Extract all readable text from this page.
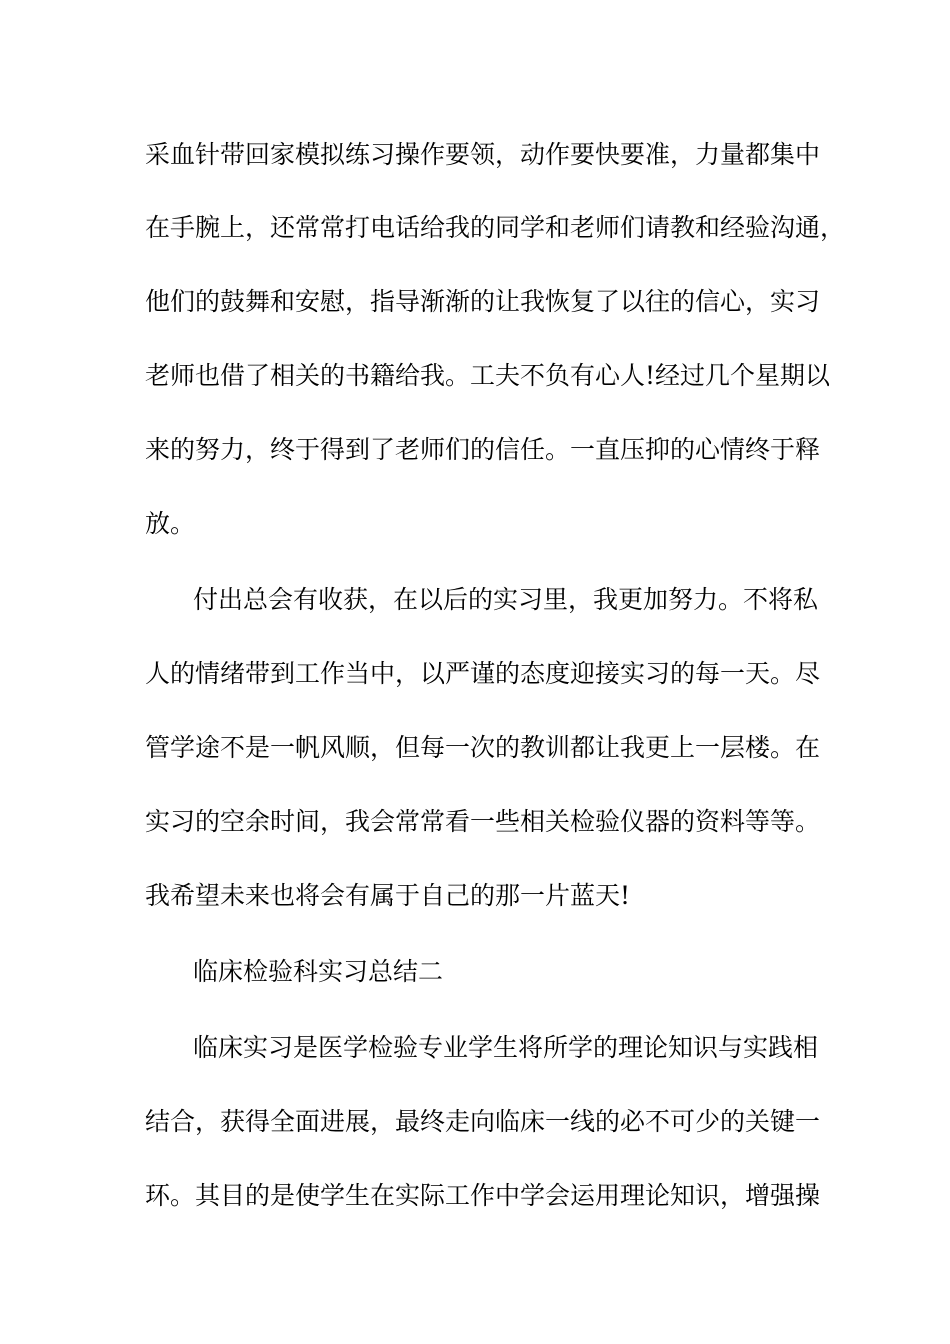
采血针带回家模拟练习操作要领，动作要快要准，力量都集中

在手腕上，还常常打电话给我的同学和老师们请教和经验沟通，

他们的鼓舞和安慰，指导渐渐的让我恢复了以往的信心，实习

老师也借了相关的书籍给我。工夫不负有心人!经过几个星期以

来的努力，终于得到了老师们的信任。一直压抑的心情终于释

放。

付出总会有收获，在以后的实习里，我更加努力。不将私

人的情绪带到工作当中，以严谨的态度迎接实习的每一天。尽

管学途不是一帆风顺，但每一次的教训都让我更上一层楼。在

实习的空余时间，我会常常看一些相关检验仪器的资料等等。

我希望未来也将会有属于自己的那一片蓝天!

临床检验科实习总结二

临床实习是医学检验专业学生将所学的理论知识与实践相

结合，获得全面进展，最终走向临床一线的必不可少的关键一

环。其目的是使学生在实际工作中学会运用理论知识，增强操
